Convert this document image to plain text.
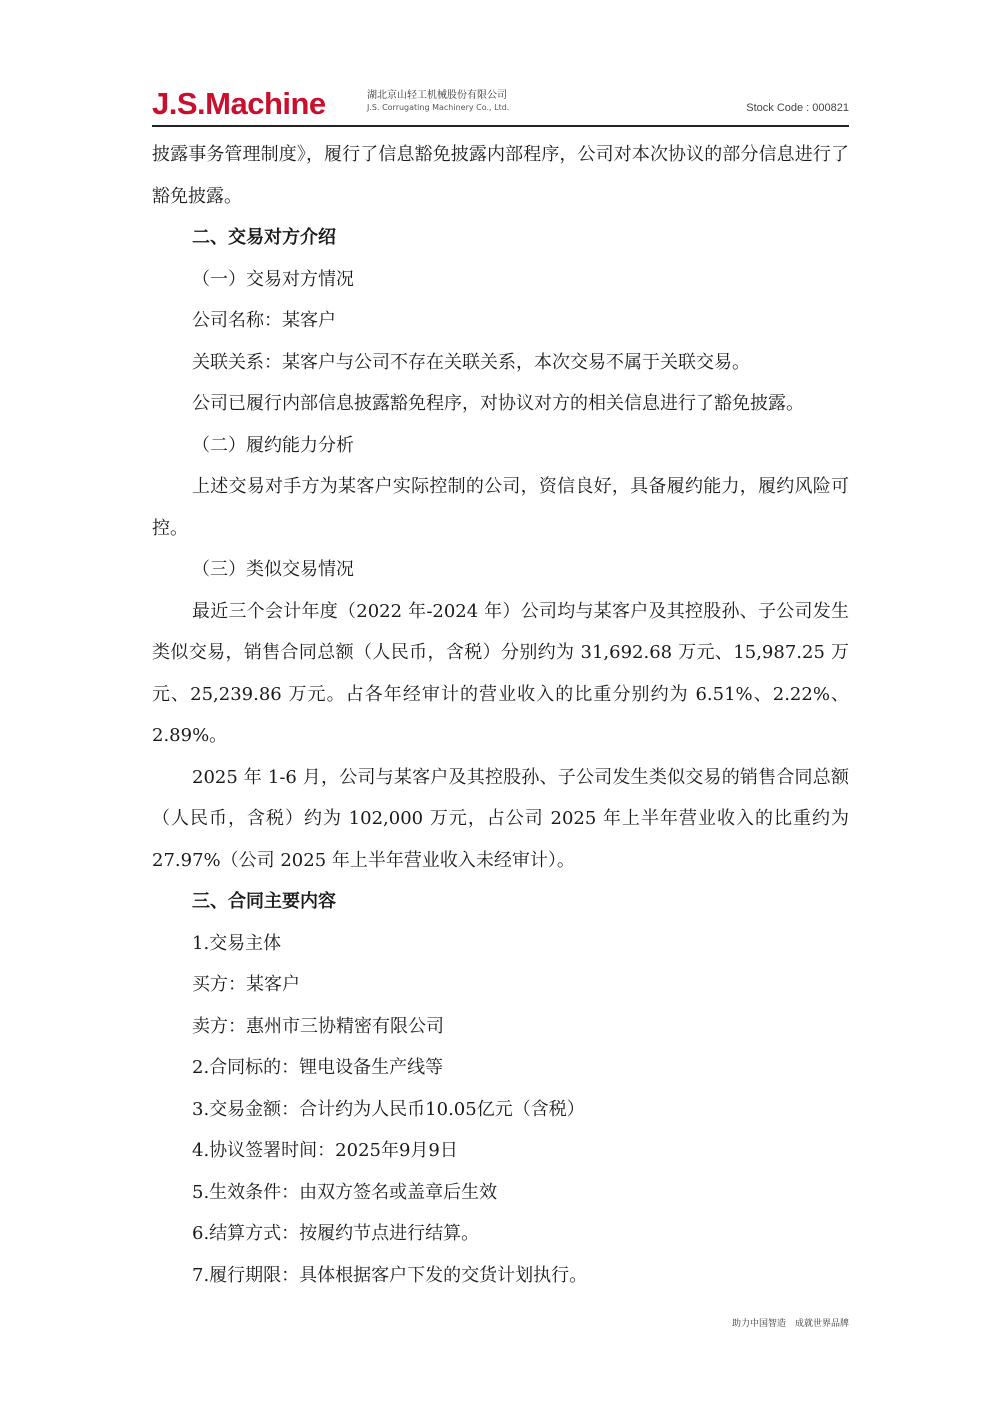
J.S.Machine	湖北京山轻工机械股份有限公司
J.S. Corrugating Machinery Co., Ltd.	Stock Code : 000821

披露事务管理制度》，履行了信息豁免披露内部程序，公司对本次协议的部分信息进行了豁免披露。

二、交易对方介绍

（一）交易对方情况

公司名称：某客户

关联关系：某客户与公司不存在关联关系，本次交易不属于关联交易。

公司已履行内部信息披露豁免程序，对协议对方的相关信息进行了豁免披露。

（二）履约能力分析

上述交易对手方为某客户实际控制的公司，资信良好，具备履约能力，履约风险可控。

（三）类似交易情况

最近三个会计年度（2022 年-2024 年）公司均与某客户及其控股孙、子公司发生类似交易，销售合同总额（人民币，含税）分别约为 31,692.68 万元、15,987.25 万元、25,239.86 万元。占各年经审计的营业收入的比重分别约为 6.51%、2.22%、2.89%。

2025 年 1-6 月，公司与某客户及其控股孙、子公司发生类似交易的销售合同总额（人民币，含税）约为 102,000 万元，占公司 2025 年上半年营业收入的比重约为 27.97%（公司 2025 年上半年营业收入未经审计）。

三、合同主要内容

1.交易主体

买方：某客户

卖方：惠州市三协精密有限公司

2.合同标的：锂电设备生产线等

3.交易金额：合计约为人民币10.05亿元（含税）

4.协议签署时间：2025年9月9日

5.生效条件：由双方签名或盖章后生效

6.结算方式：按履约节点进行结算。

7.履行期限：具体根据客户下发的交货计划执行。

助力中国智造　成就世界品牌
